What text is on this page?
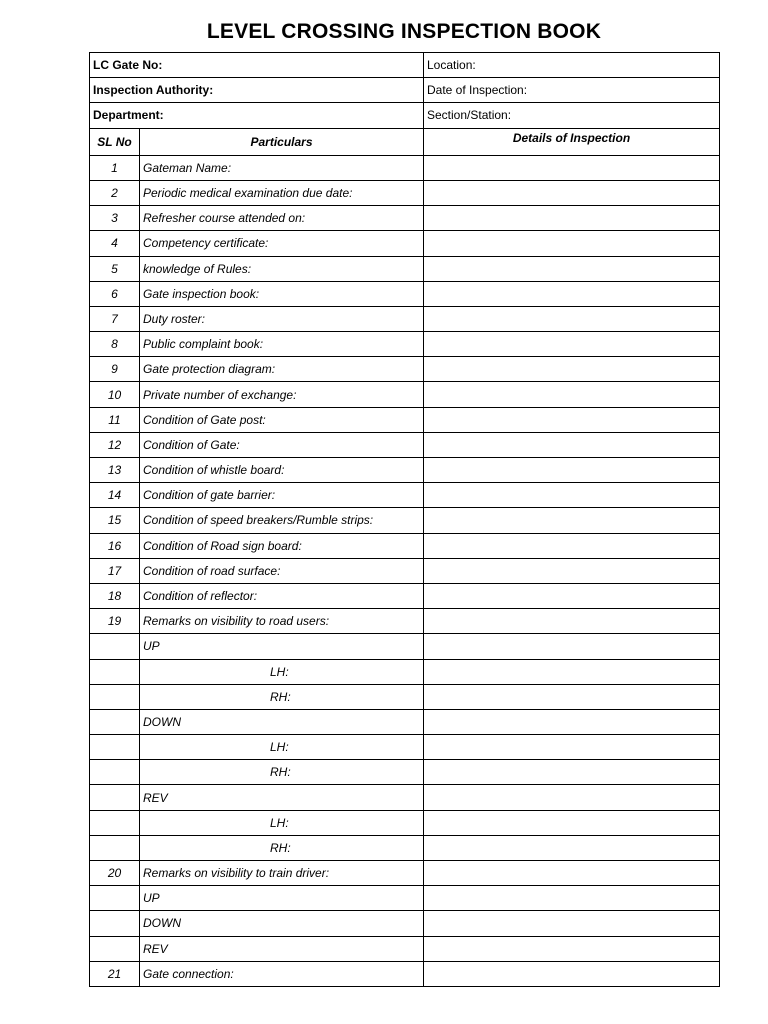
LEVEL CROSSING INSPECTION BOOK
LC Gate No:		Location:
Inspection Authority:		Date of Inspection:
Department:		Section/Station:
SL No	Particulars	Details of Inspection
1	Gateman Name:	
2	Periodic medical examination due date:	
3	Refresher course attended on:	
4	Competency certificate:	
5	knowledge of Rules:	
6	Gate inspection book:	
7	Duty roster:	
8	Public complaint book:	
9	Gate protection diagram:	
10	Private number of exchange:	
11	Condition of Gate post:	
12	Condition of Gate:	
13	Condition of whistle board:	
14	Condition of gate barrier:	
15	Condition of speed breakers/Rumble strips:	
16	Condition of Road sign board:	
17	Condition of road surface:	
18	Condition of reflector:	
19	Remarks on visibility to road users:	
	UP	
	LH:	
	RH:	
	DOWN	
	LH:	
	RH:	
	REV	
	LH:	
	RH:	
20	Remarks on visibility to train driver:	
	UP	
	DOWN	
	REV	
21	Gate connection:	
